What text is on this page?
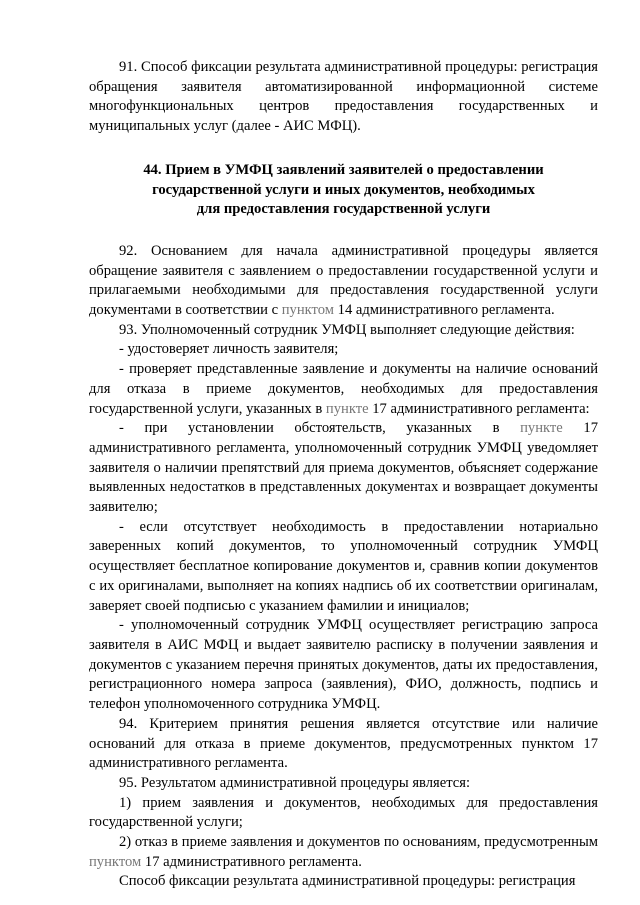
91. Способ фиксации результата административной процедуры: регистрация обращения заявителя автоматизированной информационной системе многофункциональных центров предоставления государственных и муниципальных услуг (далее - АИС МФЦ).

44. Прием в УМФЦ заявлений заявителей о предоставлении
государственной услуги и иных документов, необходимых
для предоставления государственной услуги

92. Основанием для начала административной процедуры является обращение заявителя с заявлением о предоставлении государственной услуги и прилагаемыми необходимыми для предоставления государственной услуги документами в соответствии с пунктом 14 административного регламента.

93. Уполномоченный сотрудник УМФЦ выполняет следующие действия:

- удостоверяет личность заявителя;

- проверяет представленные заявление и документы на наличие оснований для отказа в приеме документов, необходимых для предоставления государственной услуги, указанных в пункте 17 административного регламента:

- при установлении обстоятельств, указанных в пункте 17 административного регламента, уполномоченный сотрудник УМФЦ уведомляет заявителя о наличии препятствий для приема документов, объясняет содержание выявленных недостатков в представленных документах и возвращает документы заявителю;

- если отсутствует необходимость в предоставлении нотариально заверенных копий документов, то уполномоченный сотрудник УМФЦ осуществляет бесплатное копирование документов и, сравнив копии документов с их оригиналами, выполняет на копиях надпись об их соответствии оригиналам, заверяет своей подписью с указанием фамилии и инициалов;

- уполномоченный сотрудник УМФЦ осуществляет регистрацию запроса заявителя в АИС МФЦ и выдает заявителю расписку в получении заявления и документов с указанием перечня принятых документов, даты их предоставления, регистрационного номера запроса (заявления), ФИО, должность, подпись и телефон уполномоченного сотрудника УМФЦ.

94. Критерием принятия решения является отсутствие или наличие оснований для отказа в приеме документов, предусмотренных пунктом 17 административного регламента.

95. Результатом административной процедуры является:

1) прием заявления и документов, необходимых для предоставления государственной услуги;

2) отказ в приеме заявления и документов по основаниям, предусмотренным пунктом 17 административного регламента.

Способ фиксации результата административной процедуры: регистрация
